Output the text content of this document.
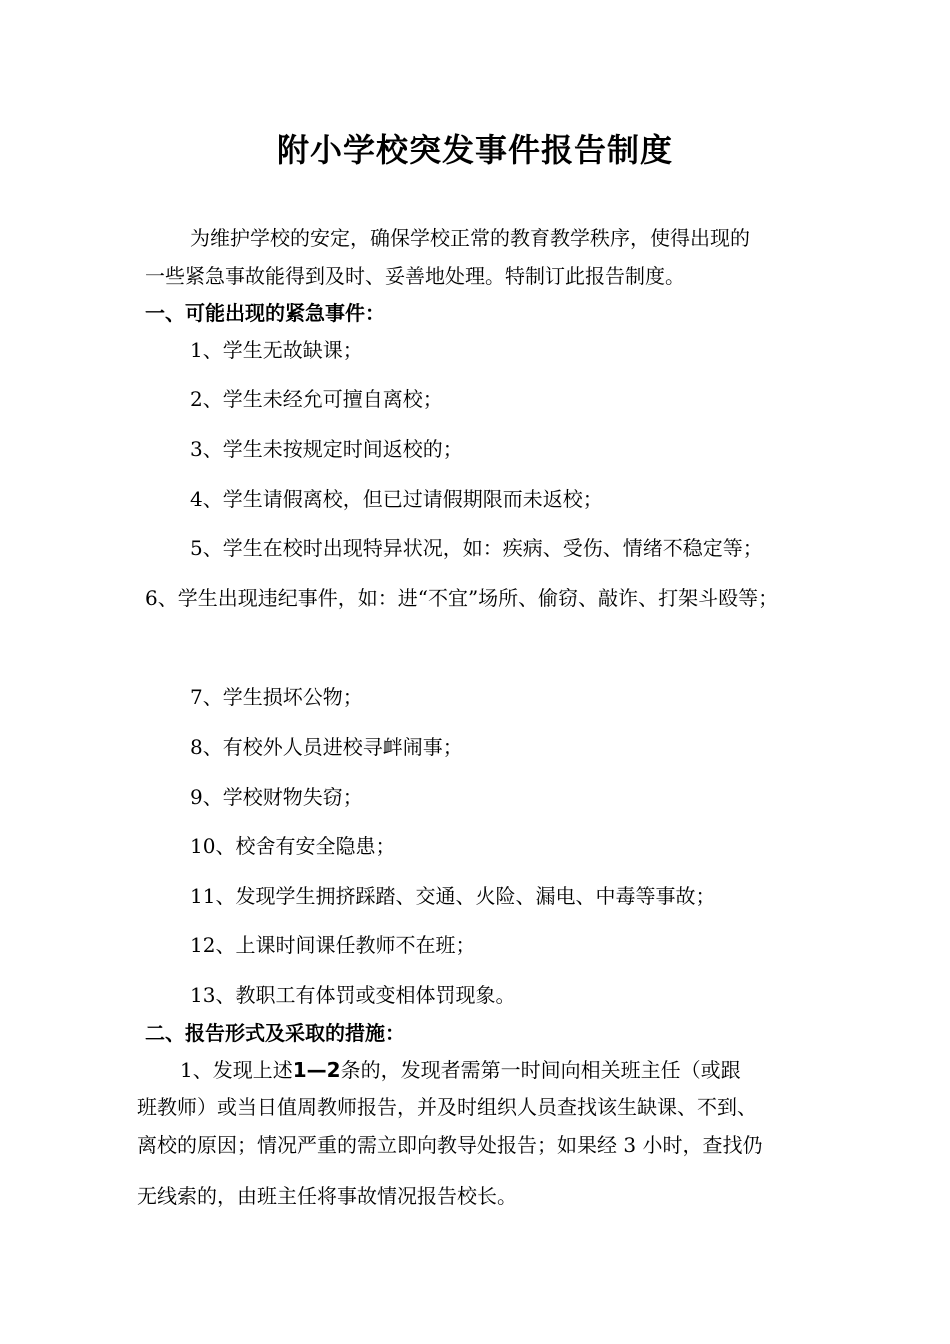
附小学校突发事件报告制度
为维护学校的安定，确保学校正常的教育教学秩序，使得出现的
一些紧急事故能得到及时、妥善地处理。特制订此报告制度。
一、可能出现的紧急事件：
1、学生无故缺课；
2、学生未经允可擅自离校；
3、学生未按规定时间返校的；
4、学生请假离校，但已过请假期限而未返校；
5、学生在校时出现特异状况，如：疾病、受伤、情绪不稳定等；
6、学生出现违纪事件，如：进“不宜”场所、偷窃、敲诈、打架斗殴等；
7、学生损坏公物；
8、有校外人员进校寻衅闹事；
9、学校财物失窃；
10、校舍有安全隐患；
11、发现学生拥挤踩踏、交通、火险、漏电、中毒等事故；
12、上课时间课任教师不在班；
13、教职工有体罚或变相体罚现象。
二、报告形式及采取的措施：
1、发现上述1—2条的，发现者需第一时间向相关班主任（或跟
班教师）或当日值周教师报告，并及时组织人员查找该生缺课、不到、
离校的原因；情况严重的需立即向教导处报告；如果经 3 小时，查找仍
无线索的，由班主任将事故情况报告校长。
